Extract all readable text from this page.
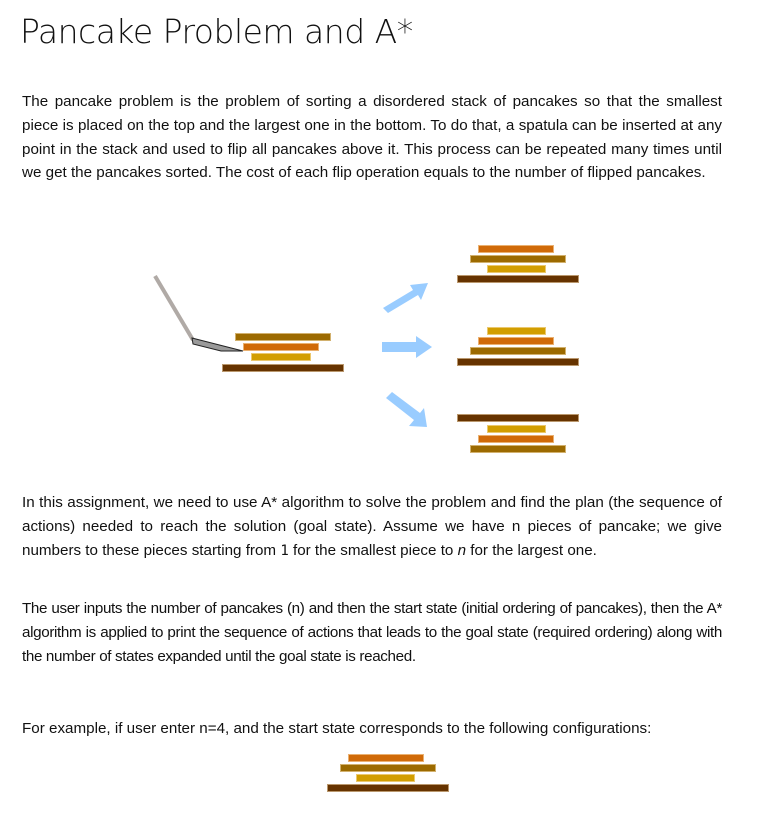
Pancake Problem and A*

The pancake problem is the problem of sorting a disordered stack of pancakes so that the smallest piece is placed on the top and the largest one in the bottom. To do that, a spatula can be inserted at any point in the stack and used to flip all pancakes above it. This process can be repeated many times until we get the pancakes sorted. The cost of each flip operation equals to the number of flipped pancakes.

In this assignment, we need to use A* algorithm to solve the problem and find the plan (the sequence of actions) needed to reach the solution (goal state). Assume we have n pieces of pancake; we give numbers to these pieces starting from 1 for the smallest piece to n for the largest one.

The user inputs the number of pancakes (n) and then the start state (initial ordering of pancakes), then the A* algorithm is applied to print the sequence of actions that leads to the goal state (required ordering) along with the number of states expanded until the goal state is reached.

For example, if user enter n=4, and the start state corresponds to the following configurations:
